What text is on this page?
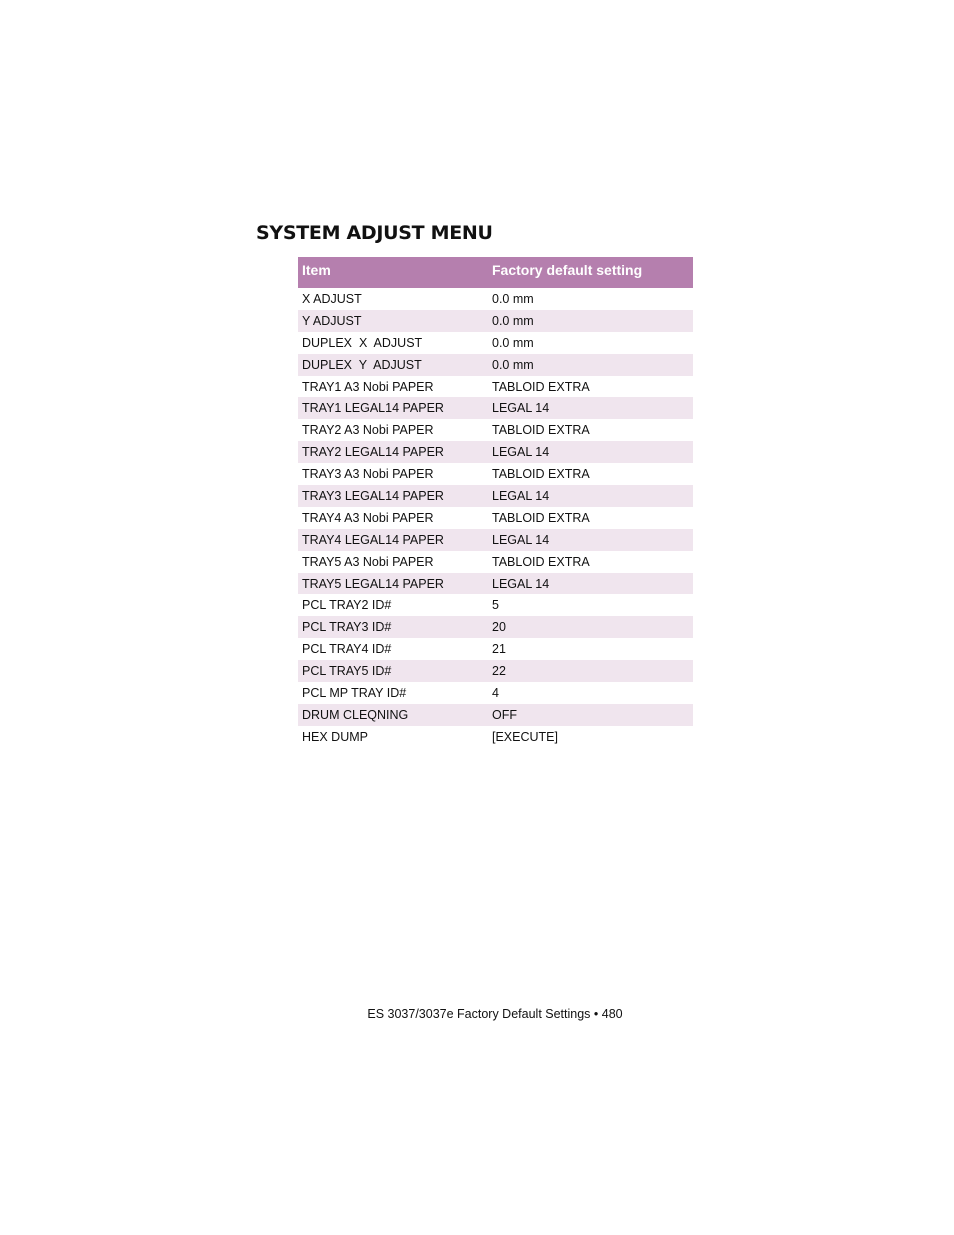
SYSTEM ADJUST MENU
Item	Factory default setting
X ADJUST	0.0 mm
Y ADJUST	0.0 mm
DUPLEX  X  ADJUST	0.0 mm
DUPLEX  Y  ADJUST	0.0 mm
TRAY1 A3 Nobi PAPER	TABLOID EXTRA
TRAY1 LEGAL14 PAPER	LEGAL 14
TRAY2 A3 Nobi PAPER	TABLOID EXTRA
TRAY2 LEGAL14 PAPER	LEGAL 14
TRAY3 A3 Nobi PAPER	TABLOID EXTRA
TRAY3 LEGAL14 PAPER	LEGAL 14
TRAY4 A3 Nobi PAPER	TABLOID EXTRA
TRAY4 LEGAL14 PAPER	LEGAL 14
TRAY5 A3 Nobi PAPER	TABLOID EXTRA
TRAY5 LEGAL14 PAPER	LEGAL 14
PCL TRAY2 ID#	5
PCL TRAY3 ID#	20
PCL TRAY4 ID#	21
PCL TRAY5 ID#	22
PCL MP TRAY ID#	4
DRUM CLEQNING	OFF
HEX DUMP	[EXECUTE]
ES 3037/3037e Factory Default Settings • 480
